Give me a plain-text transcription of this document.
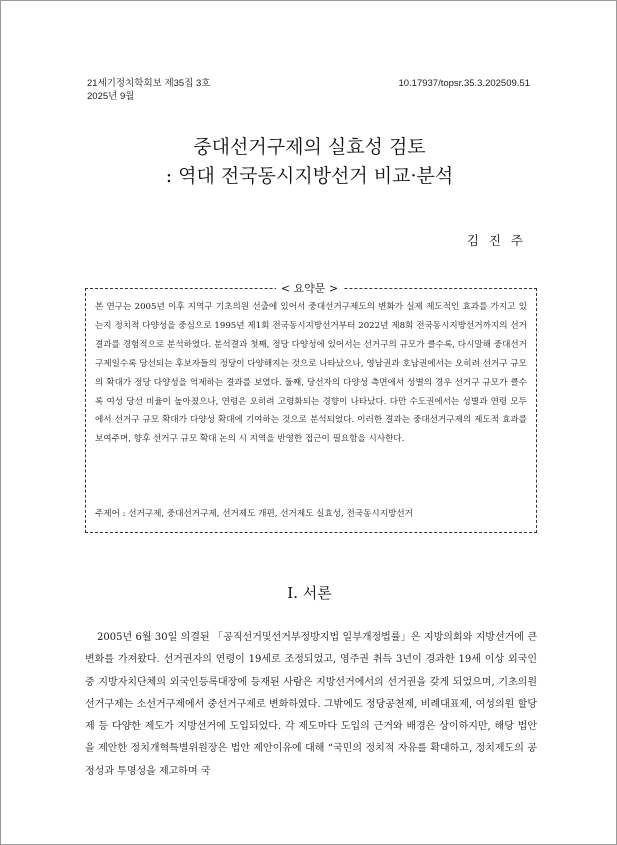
21세기정치학회보 제35집 3호
2025년 9월
10.17937/topsr.35.3.202509.51
중대선거구제의 실효성 검토
: 역대 전국동시지방선거 비교·분석
김 진 주
< 요약문 >
본 연구는 2005년 이후 지역구 기초의원 선출에 있어서 중대선거구제도의 변화가 실제 제도적인 효과를 가지고 있는지 정치적 다양성을 중심으로 1995년 제1회 전국동시지방선거부터 2022년 제8회 전국동시지방선거까지의 선거결과를 경험적으로 분석하였다. 분석결과 첫째, 정당 다양성에 있어서는 선거구의 규모가 클수록, 다시말해 중대선거구제일수록 당선되는 후보자들의 정당이 다양해지는 것으로 나타났으나, 영남권과 호남권에서는 오히려 선거구 규모의 확대가 정당 다양성을 억제하는 결과를 보였다. 둘째, 당선자의 다양성 측면에서 성별의 경우 선거구 규모가 클수록 여성 당선 비율이 높아졌으나, 연령은 오히려 고령화되는 경향이 나타났다. 다만 수도권에서는 성별과 연령 모두에서 선거구 규모 확대가 다양성 확대에 기여하는 것으로 분석되었다. 이러한 결과는 중대선거구제의 제도적 효과를 보여주며, 향후 선거구 규모 확대 논의 시 지역을 반영한 접근이 필요함을 시사한다.
주제어 : 선거구제, 중대선거구제, 선거제도 개편, 선거제도 실효성, 전국동시지방선거
Ⅰ. 서론
2005년 6월 30일 의결된 「공직선거및선거부정방지법 일부개정법률」은 지방의회와 지방선거에 큰 변화를 가져왔다. 선거권자의 연령이 19세로 조정되었고, 영주권 취득 3년이 경과한 19세 이상 외국인 중 지방자치단체의 외국인등록대장에 등재된 사람은 지방선거에서의 선거권을 갖게 되었으며, 기초의원 선거구제는 소선거구제에서 중선거구제로 변화하였다. 그밖에도 정당공천제, 비례대표제, 여성의원 할당제 등 다양한 제도가 지방선거에 도입되었다. 각 제도마다 도입의 근거와 배경은 상이하지만, 해당 법안을 제안한 정치개혁특별위원장은 법안 제안이유에 대해 “국민의 정치적 자유를 확대하고, 정치제도의 공정성과 투명성을 제고하며 국
